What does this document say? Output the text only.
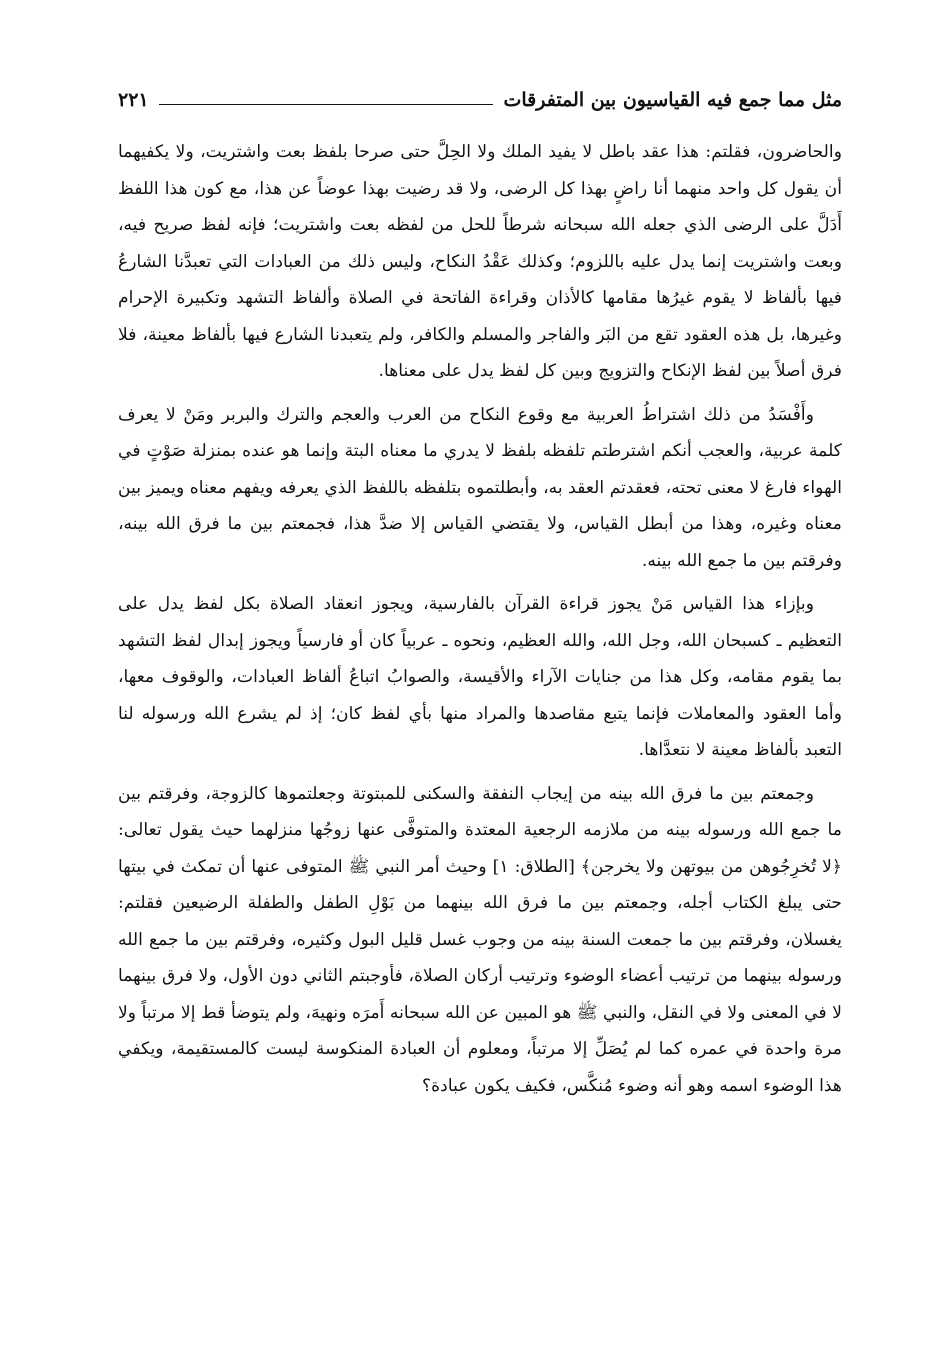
مثل مما جمع فيه القياسيون بين المتفرقات
٢٢١

والحاضرون، فقلتم: هذا عقد باطل لا يفيد الملك ولا الحِلَّ حتى صرحا بلفظ بعت واشتريت، ولا يكفيهما أن يقول كل واحد منهما أنا راضٍ بهذا كل الرضى، ولا قد رضيت بهذا عوضاً عن هذا، مع كون هذا اللفظ أَدَلَّ على الرضى الذي جعله الله سبحانه شرطاً للحل من لفظه بعت واشتريت؛ فإنه لفظ صريح فيه، وبعت واشتريت إنما يدل عليه باللزوم؛ وكذلك عَقْدُ النكاح، وليس ذلك من العبادات التي تعبدَّنا الشارعُ فيها بألفاظ لا يقوم غيرُها مقامها كالأذان وقراءة الفاتحة في الصلاة وألفاظ التشهد وتكبيرة الإحرام وغيرها، بل هذه العقود تقع من البَر والفاجر والمسلم والكافر، ولم يتعبدنا الشارع فيها بألفاظ معينة، فلا فرق أصلاً بين لفظ الإنكاح والتزويج وبين كل لفظ يدل على معناها.

وأَفْسَدُ من ذلك اشتراطُ العربية مع وقوع النكاح من العرب والعجم والترك والبربر ومَنْ لا يعرف كلمة عربية، والعجب أنكم اشترطتم تلفظه بلفظ لا يدري ما معناه البتة وإنما هو عنده بمنزلة صَوْتٍ في الهواء فارغ لا معنى تحته، فعقدتم العقد به، وأبطلتموه بتلفظه باللفظ الذي يعرفه ويفهم معناه ويميز بين معناه وغيره، وهذا من أبطل القياس، ولا يقتضي القياس إلا ضدَّ هذا، فجمعتم بين ما فرق الله بينه، وفرقتم بين ما جمع الله بينه.

وبإزاء هذا القياس مَنْ يجوز قراءة القرآن بالفارسية، ويجوز انعقاد الصلاة بكل لفظ يدل على التعظيم ـ كسبحان الله، وجل الله، والله العظيم، ونحوه ـ عربياً كان أو فارسياً ويجوز إبدال لفظ التشهد بما يقوم مقامه، وكل هذا من جنايات الآراء والأقيسة، والصوابُ اتباعُ ألفاظ العبادات، والوقوف معها، وأما العقود والمعاملات فإنما يتبع مقاصدها والمراد منها بأي لفظ كان؛ إذ لم يشرع الله ورسوله لنا التعبد بألفاظ معينة لا نتعدَّاها.

وجمعتم بين ما فرق الله بينه من إيجاب النفقة والسكنى للمبتوتة وجعلتموها كالزوجة، وفرقتم بين ما جمع الله ورسوله بينه من ملازمه الرجعية المعتدة والمتوفَّى عنها زوجُها منزلهما حيث يقول تعالى: ﴿لا تُخرِجُوهن من بيوتهن ولا يخرجن﴾ [الطلاق: ١] وحيث أمر النبي ﷺ المتوفى عنها أن تمكث في بيتها حتى يبلغ الكتاب أجله، وجمعتم بين ما فرق الله بينهما من بَوْلِ الطفل والطفلة الرضيعين فقلتم: يغسلان، وفرقتم بين ما جمعت السنة بينه من وجوب غسل قليل البول وكثيره، وفرقتم بين ما جمع الله ورسوله بينهما من ترتيب أعضاء الوضوء وترتيب أركان الصلاة، فأوجبتم الثاني دون الأول، ولا فرق بينهما لا في المعنى ولا في النقل، والنبي ﷺ هو المبين عن الله سبحانه أَمرَه ونهيهَ، ولم يتوضأ قط إلا مرتباً ولا مرة واحدة في عمره كما لم يُصَلِّ إلا مرتباً، ومعلوم أن العبادة المنكوسة ليست كالمستقيمة، ويكفي هذا الوضوء اسمه وهو أنه وضوء مُنكَّس، فكيف يكون عبادة؟
